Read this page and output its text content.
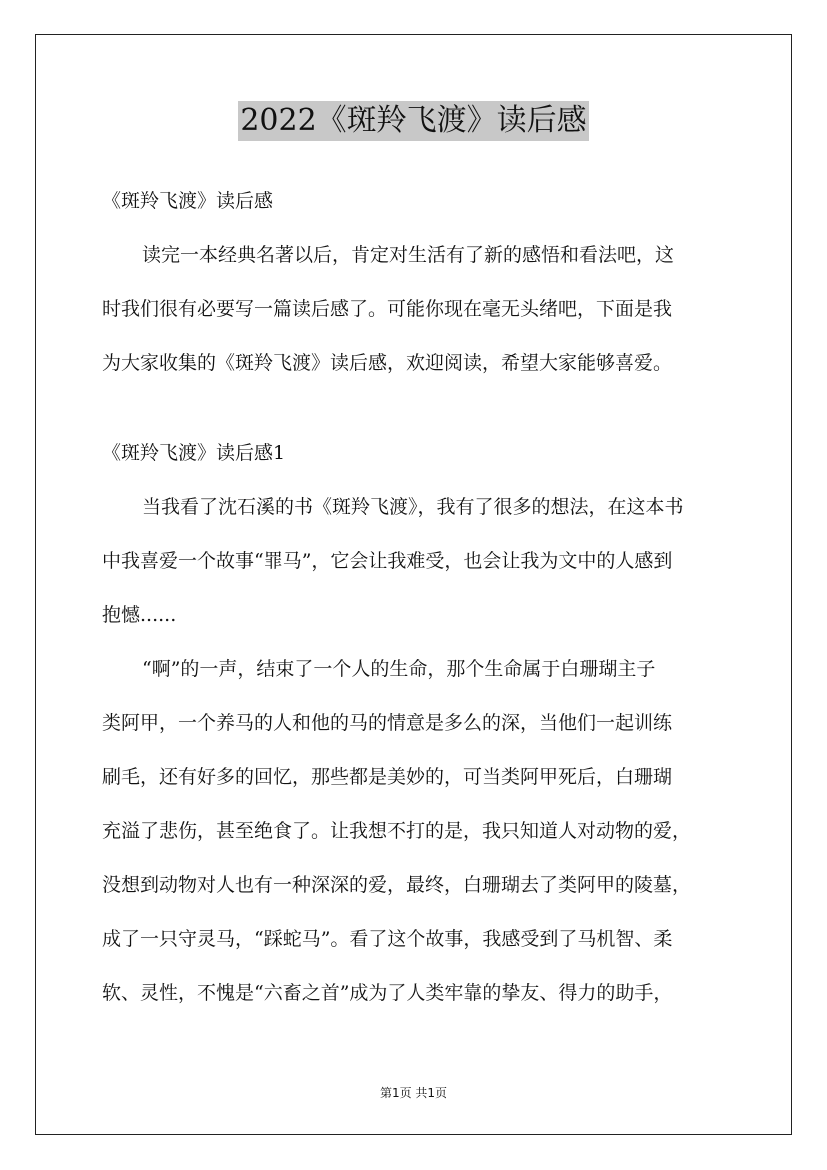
2022《斑羚飞渡》读后感
《斑羚飞渡》读后感
读完一本经典名著以后，肯定对生活有了新的感悟和看法吧，这
时我们很有必要写一篇读后感了。可能你现在毫无头绪吧，下面是我
为大家收集的《斑羚飞渡》读后感，欢迎阅读，希望大家能够喜爱。
《斑羚飞渡》读后感1
当我看了沈石溪的书《斑羚飞渡》，我有了很多的想法，在这本书
中我喜爱一个故事“罪马”，它会让我难受，也会让我为文中的人感到
抱憾......
“啊”的一声，结束了一个人的生命，那个生命属于白珊瑚主子
类阿甲，一个养马的人和他的马的情意是多么的深，当他们一起训练
刷毛，还有好多的回忆，那些都是美妙的，可当类阿甲死后，白珊瑚
充溢了悲伤，甚至绝食了。让我想不打的是，我只知道人对动物的爱，
没想到动物对人也有一种深深的爱，最终，白珊瑚去了类阿甲的陵墓，
成了一只守灵马，“踩蛇马”。看了这个故事，我感受到了马机智、柔
软、灵性，不愧是“六畜之首”成为了人类牢靠的挚友、得力的助手，
第1页 共1页
